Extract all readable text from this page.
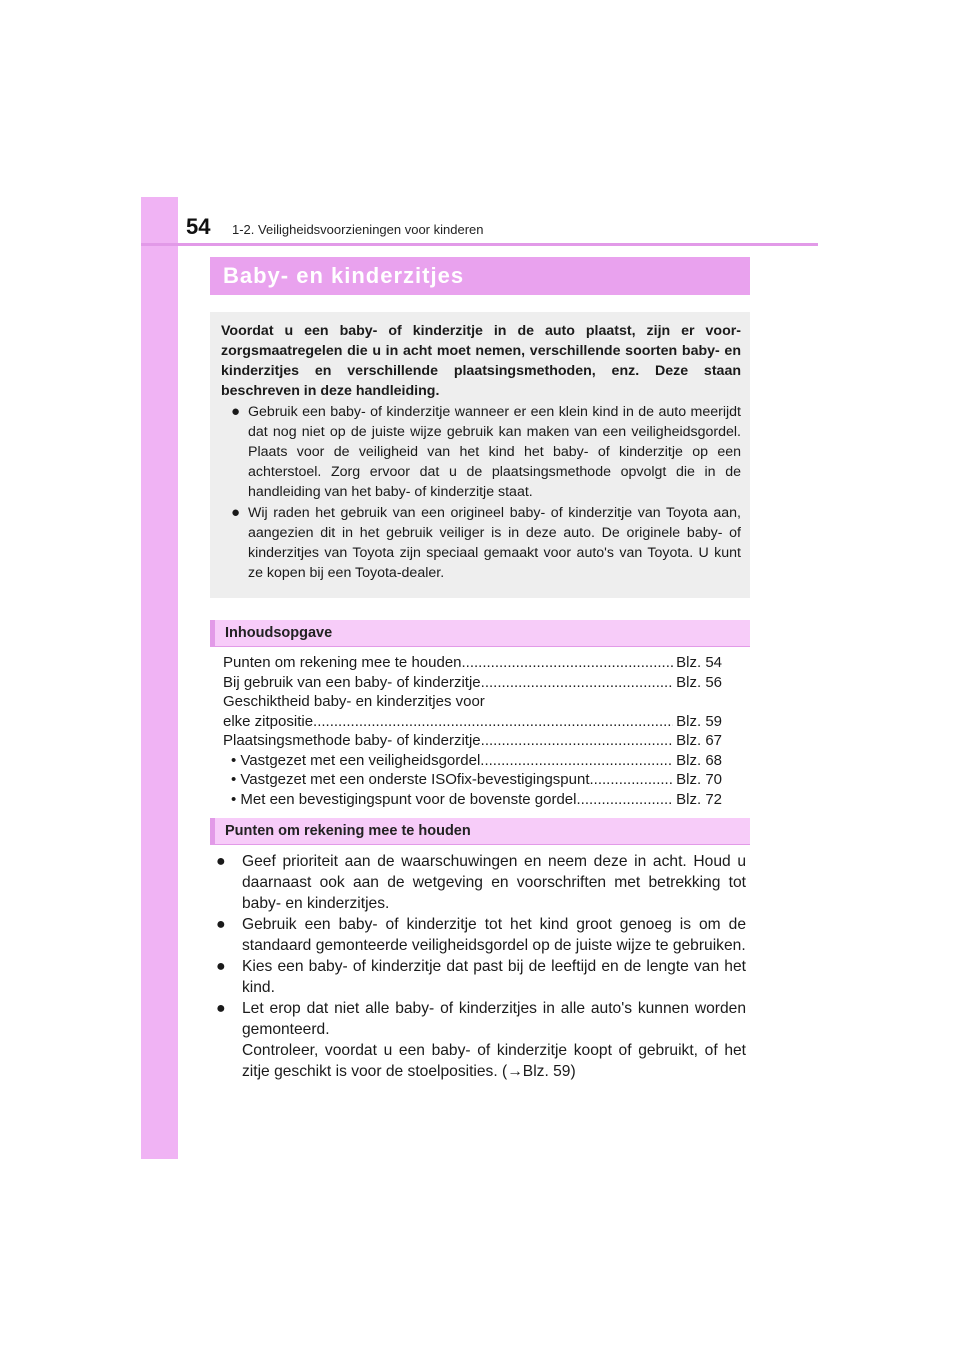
54 1-2. Veiligheidsvoorzieningen voor kinderen
Baby- en kinderzitjes
Voordat u een baby- of kinderzitje in de auto plaatst, zijn er voorzorgsmaatregelen die u in acht moet nemen, verschillende soorten baby- en kinderzitjes en verschillende plaatsingsmethoden, enz. Deze staan beschreven in deze handleiding.
● Gebruik een baby- of kinderzitje wanneer er een klein kind in de auto meerijdt dat nog niet op de juiste wijze gebruik kan maken van een veiligheidsgordel. Plaats voor de veiligheid van het kind het baby- of kinderzitje op een achterstoel. Zorg ervoor dat u de plaatsingsmethode opvolgt die in de handleiding van het baby- of kinderzitje staat.
● Wij raden het gebruik van een origineel baby- of kinderzitje van Toyota aan, aangezien dit in het gebruik veiliger is in deze auto. De originele baby- of kinderzitjes van Toyota zijn speciaal gemaakt voor auto's van Toyota. U kunt ze kopen bij een Toyota-dealer.
Inhoudsopgave
Punten om rekening mee te houden .....	Blz. 54
Bij gebruik van een baby- of kinderzitje .....	Blz. 56
Geschiktheid baby- en kinderzitjes voor
elke zitpositie .....	Blz. 59
Plaatsingsmethode baby- of kinderzitje .....	Blz. 67
• Vastgezet met een veiligheidsgordel .....	Blz. 68
• Vastgezet met een onderste ISOfix-bevestigingspunt .....	Blz. 70
• Met een bevestigingspunt voor de bovenste gordel .....	Blz. 72
Punten om rekening mee te houden
● Geef prioriteit aan de waarschuwingen en neem deze in acht. Houd u daarnaast ook aan de wetgeving en voorschriften met betrekking tot baby- en kinderzitjes.
● Gebruik een baby- of kinderzitje tot het kind groot genoeg is om de standaard gemonteerde veiligheidsgordel op de juiste wijze te gebruiken.
● Kies een baby- of kinderzitje dat past bij de leeftijd en de lengte van het kind.
● Let erop dat niet alle baby- of kinderzitjes in alle auto's kunnen worden gemonteerd.
Controleer, voordat u een baby- of kinderzitje koopt of gebruikt, of het zitje geschikt is voor de stoelposities. (→Blz. 59)
